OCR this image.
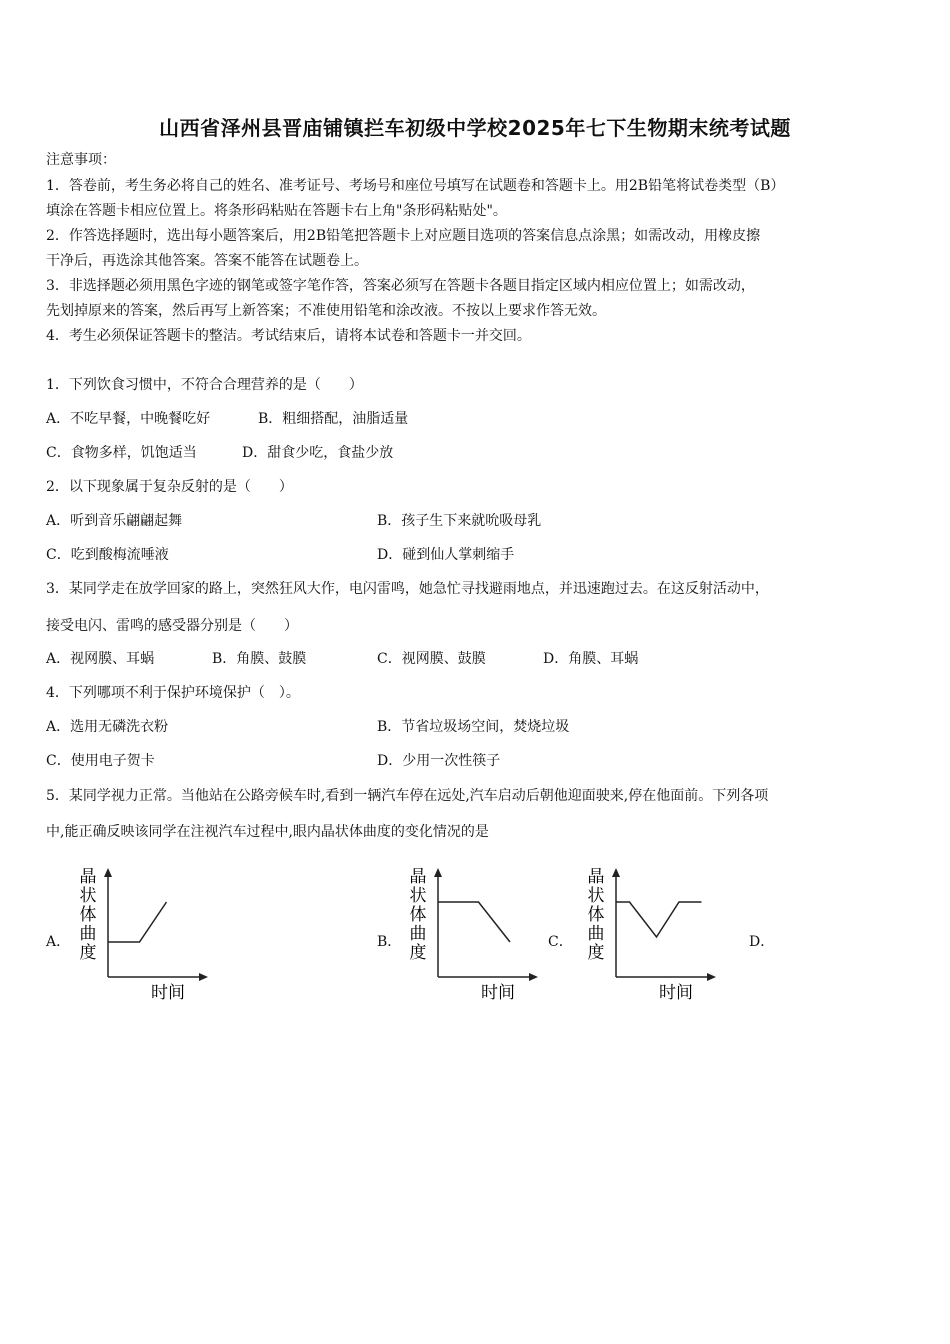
山西省泽州县晋庙铺镇拦车初级中学校2025年七下生物期末统考试题
注意事项：
1．答卷前，考生务必将自己的姓名、准考证号、考场号和座位号填写在试题卷和答题卡上。用2B铅笔将试卷类型（B）
填涂在答题卡相应位置上。将条形码粘贴在答题卡右上角"条形码粘贴处"。
2．作答选择题时，选出每小题答案后，用2B铅笔把答题卡上对应题目选项的答案信息点涂黑；如需改动，用橡皮擦
干净后，再选涂其他答案。答案不能答在试题卷上。
3．非选择题必须用黑色字迹的钢笔或签字笔作答，答案必须写在答题卡各题目指定区域内相应位置上；如需改动，
先划掉原来的答案，然后再写上新答案；不准使用铅笔和涂改液。不按以上要求作答无效。
4．考生必须保证答题卡的整洁。考试结束后，请将本试卷和答题卡一并交回。
1．下列饮食习惯中，不符合合理营养的是（　　）
A．不吃早餐，中晚餐吃好	B．粗细搭配，油脂适量
C．食物多样，饥饱适当	D．甜食少吃，食盐少放
2．以下现象属于复杂反射的是（　　）
A．听到音乐翩翩起舞	B．孩子生下来就吮吸母乳
C．吃到酸梅流唾液	D．碰到仙人掌刺缩手
3．某同学走在放学回家的路上，突然狂风大作，电闪雷鸣，她急忙寻找避雨地点，并迅速跑过去。在这反射活动中，
接受电闪、雷鸣的感受器分别是（　　）
A．视网膜、耳蜗	B．角膜、鼓膜	C．视网膜、鼓膜	D．角膜、耳蜗
4．下列哪项不利于保护环境保护（　）。
A．选用无磷洗衣粉	B．节省垃圾场空间，焚烧垃圾
C．使用电子贺卡	D．少用一次性筷子
5．某同学视力正常。当他站在公路旁候车时,看到一辆汽车停在远处,汽车启动后朝他迎面驶来,停在他面前。下列各项
中,能正确反映该同学在注视汽车过程中,眼内晶状体曲度的变化情况的是
A．	B．	C．	D．
晶
状
体
曲
度
时间
晶
状
体
曲
度
时间
晶
状
体
曲
度
时间
